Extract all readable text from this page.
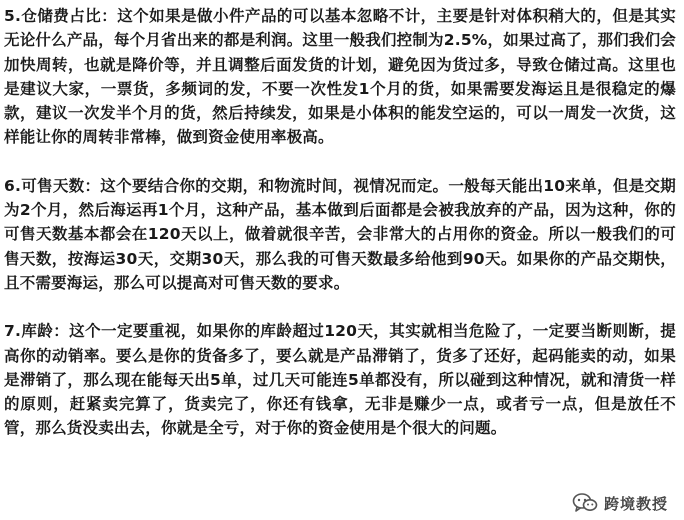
5.仓储费占比：这个如果是做小件产品的可以基本忽略不计，主要是针对体积稍大的，但是其实无论什么产品，每个月省出来的都是利润。这里一般我们控制为2.5%，如果过高了，那们我们会加快周转，也就是降价等，并且调整后面发货的计划，避免因为货过多，导致仓储过高。这里也是建议大家，一票货，多频词的发，不要一次性发1个月的货，如果需要发海运且是很稳定的爆款，建议一次发半个月的货，然后持续发，如果是小体积的能发空运的，可以一周发一次货，这样能让你的周转非常棒，做到资金使用率极高。

6.可售天数：这个要结合你的交期，和物流时间，视情况而定。一般每天能出10来单，但是交期为2个月，然后海运再1个月，这种产品，基本做到后面都是会被我放弃的产品，因为这种，你的可售天数基本都会在120天以上，做着就很辛苦，会非常大的占用你的资金。所以一般我们的可售天数，按海运30天，交期30天，那么我的可售天数最多给他到90天。如果你的产品交期快，且不需要海运，那么可以提高对可售天数的要求。

7.库龄：这个一定要重视，如果你的库龄超过120天，其实就相当危险了，一定要当断则断，提高你的动销率。要么是你的货备多了，要么就是产品滞销了，货多了还好，起码能卖的动，如果是滞销了，那么现在能每天出5单，过几天可能连5单都没有，所以碰到这种情况，就和清货一样的原则，赶紧卖完算了，货卖完了，你还有钱拿，无非是赚少一点，或者亏一点，但是放任不管，那么货没卖出去，你就是全亏，对于你的资金使用是个很大的问题。

跨境教授
